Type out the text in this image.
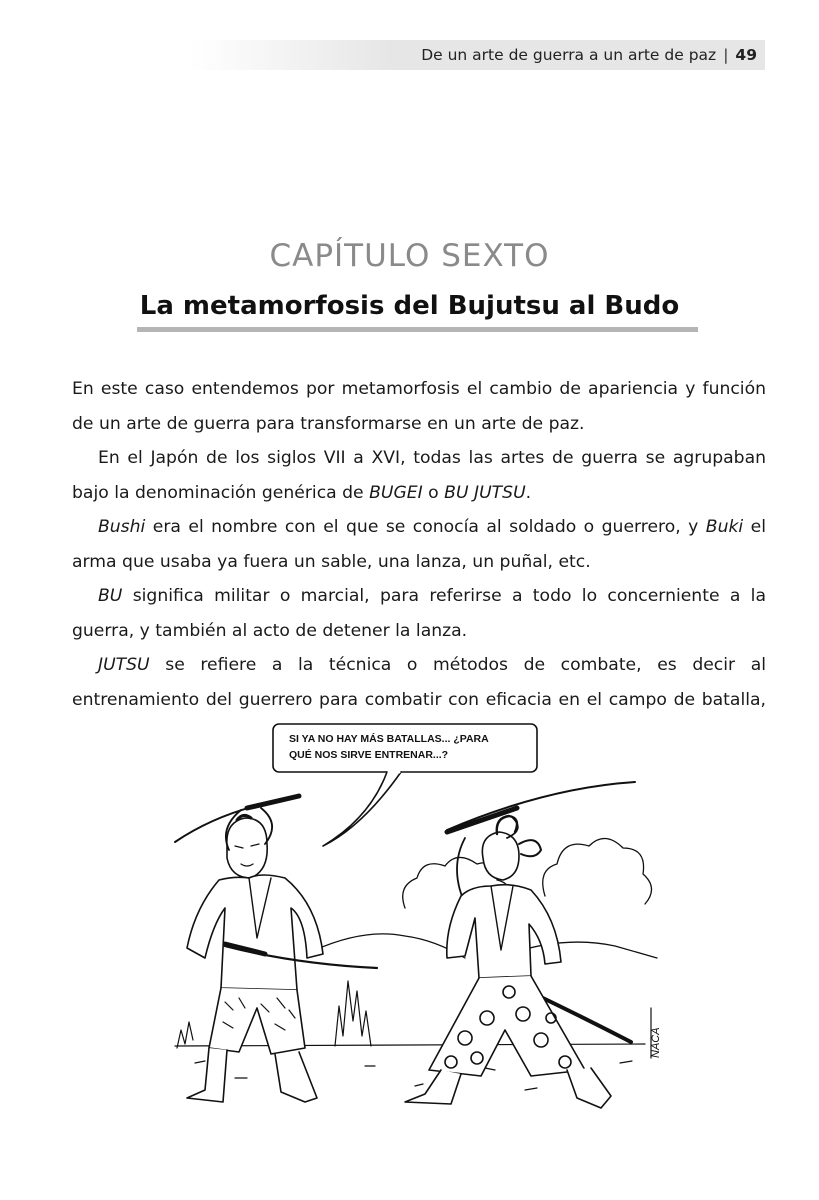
De un arte de guerra a un arte de paz | 49
CAPÍTULO SEXTO
La metamorfosis del Bujutsu al Budo

En este caso entendemos por metamorfosis el cambio de apariencia y función de un arte de guerra para transformarse en un arte de paz.

En el Japón de los siglos VII a XVI, todas las artes de guerra se agrupaban bajo la denominación genérica de BUGEI o BU JUTSU.

Bushi era el nombre con el que se conocía al soldado o guerrero, y Buki el arma que usaba ya fuera un sable, una lanza, un puñal, etc.

BU significa militar o marcial, para referirse a todo lo concerniente a la guerra, y también al acto de detener la lanza.

JUTSU se refiere a la técnica o métodos de combate, es decir al entrenamiento del guerrero para combatir con eficacia en el campo de batalla,

SI YA NO HAY MÁS BATALLAS... ¿PARA
QUÉ NOS SIRVE ENTRENAR...?
NACA
